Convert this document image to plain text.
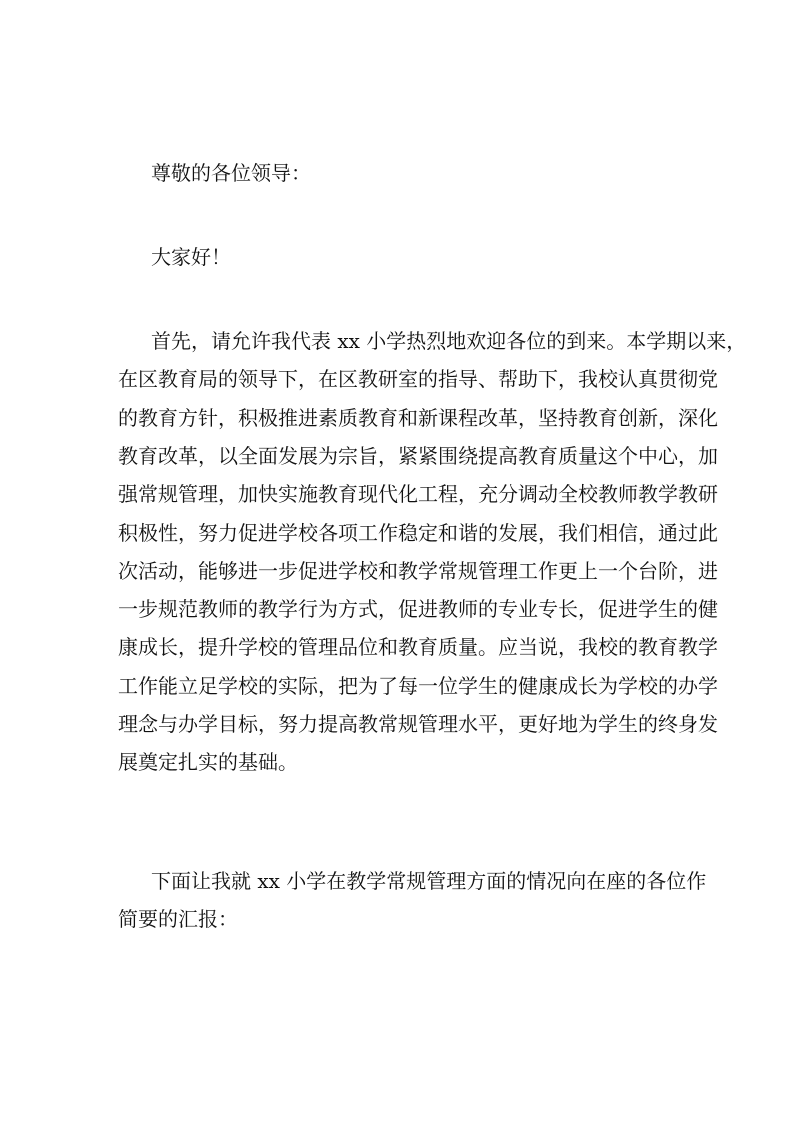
尊敬的各位领导：
大家好！
首先，请允许我代表 xx 小学热烈地欢迎各位的到来。本学期以来，
在区教育局的领导下，在区教研室的指导、帮助下，我校认真贯彻党
的教育方针，积极推进素质教育和新课程改革，坚持教育创新，深化
教育改革，以全面发展为宗旨，紧紧围绕提高教育质量这个中心，加
强常规管理，加快实施教育现代化工程，充分调动全校教师教学教研
积极性，努力促进学校各项工作稳定和谐的发展，我们相信，通过此
次活动，能够进一步促进学校和教学常规管理工作更上一个台阶，进
一步规范教师的教学行为方式，促进教师的专业专长，促进学生的健
康成长，提升学校的管理品位和教育质量。应当说，我校的教育教学
工作能立足学校的实际，把为了每一位学生的健康成长为学校的办学
理念与办学目标，努力提高教常规管理水平，更好地为学生的终身发
展奠定扎实的基础。
下面让我就 xx 小学在教学常规管理方面的情况向在座的各位作
简要的汇报：
